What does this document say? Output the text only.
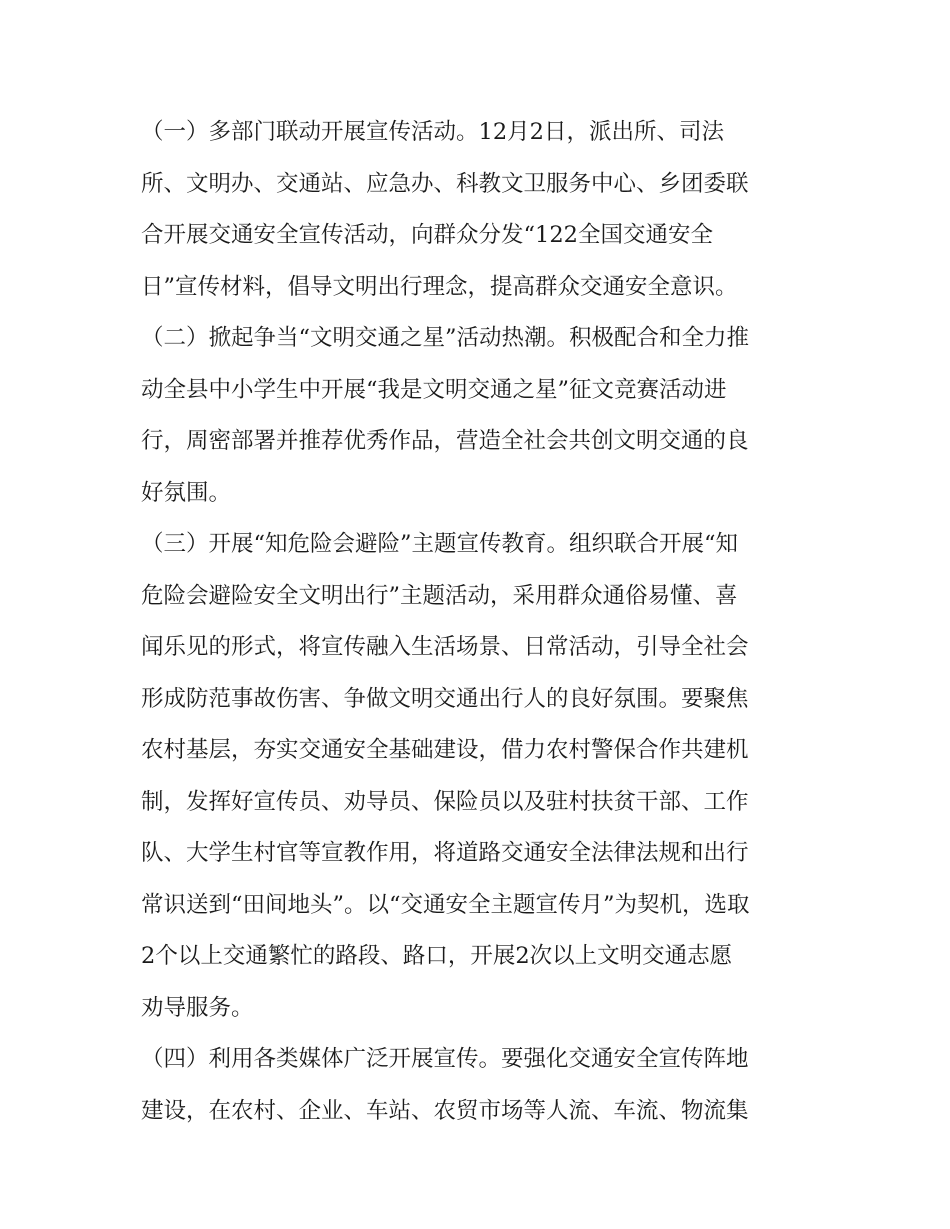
（一）多部门联动开展宣传活动。12月2日，派出所、司法
所、文明办、交通站、应急办、科教文卫服务中心、乡团委联
合开展交通安全宣传活动，向群众分发“122全国交通安全
日”宣传材料，倡导文明出行理念，提高群众交通安全意识。
（二）掀起争当“文明交通之星”活动热潮。积极配合和全力推
动全县中小学生中开展“我是文明交通之星”征文竞赛活动进
行，周密部署并推荐优秀作品，营造全社会共创文明交通的良
好氛围。
（三）开展“知危险会避险”主题宣传教育。组织联合开展“知
危险会避险安全文明出行”主题活动，采用群众通俗易懂、喜
闻乐见的形式，将宣传融入生活场景、日常活动，引导全社会
形成防范事故伤害、争做文明交通出行人的良好氛围。要聚焦
农村基层，夯实交通安全基础建设，借力农村警保合作共建机
制，发挥好宣传员、劝导员、保险员以及驻村扶贫干部、工作
队、大学生村官等宣教作用，将道路交通安全法律法规和出行
常识送到“田间地头”。以“交通安全主题宣传月”为契机，选取
2个以上交通繁忙的路段、路口，开展2次以上文明交通志愿
劝导服务。
（四）利用各类媒体广泛开展宣传。要强化交通安全宣传阵地
建设，在农村、企业、车站、农贸市场等人流、车流、物流集
